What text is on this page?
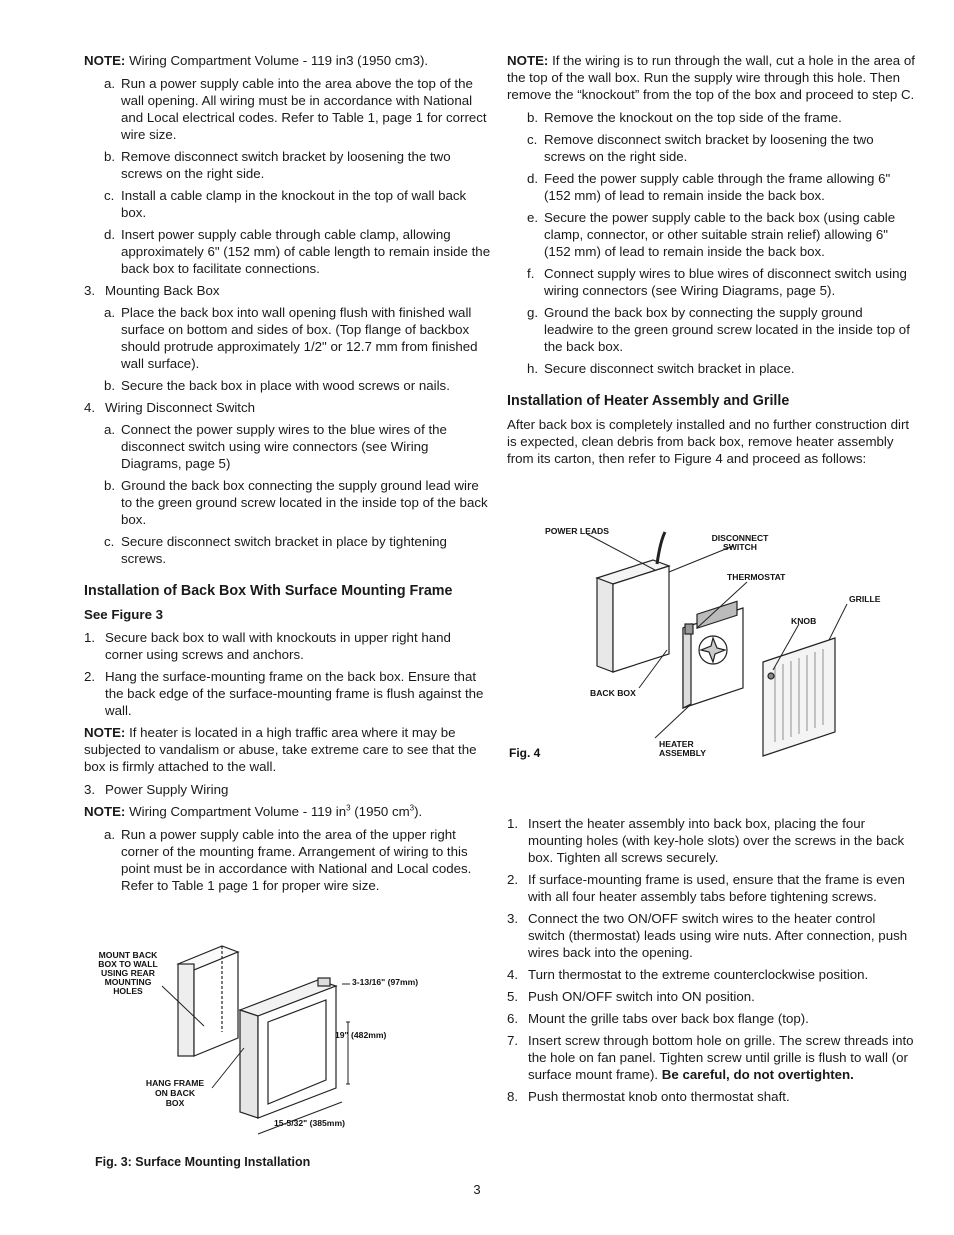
NOTE: Wiring Compartment Volume - 119 in3 (1950 cm3).

a. Run a power supply cable into the area above the top of the wall opening. All wiring must be in accordance with National and Local electrical codes. Refer to Table 1, page 1 for correct wire size.
b. Remove disconnect switch bracket by loosening the two screws on the right side.
c. Install a cable clamp in the knockout in the top of wall back box.
d. Insert power supply cable through cable clamp, allowing approximately 6" (152 mm) of cable length to remain inside the back box to facilitate connections.
3. Mounting Back Box
a. Place the back box into wall opening flush with finished wall surface on bottom and sides of box. (Top flange of backbox should protrude approximately 1/2" or 12.7 mm from finished wall surface).
b. Secure the back box in place with wood screws or nails.
4. Wiring Disconnect Switch
a. Connect the power supply wires to the blue wires of the disconnect switch using wire connectors (see Wiring Diagrams, page 5)
b. Ground the back box connecting the supply ground lead wire to the green ground screw located in the inside top of the back box.
c. Secure disconnect switch bracket in place by tightening screws.
Installation of Back Box With Surface Mounting Frame
See Figure 3
1. Secure back box to wall with knockouts in upper right hand corner using screws and anchors.
2. Hang the surface-mounting frame on the back box. Ensure that the back edge of the surface-mounting frame is flush against the wall.

NOTE: If heater is located in a high traffic area where it may be subjected to vandalism or abuse, take extreme care to see that the box is firmly attached to the wall.

3. Power Supply Wiring

NOTE: Wiring Compartment Volume - 119 $in^3$ (1950 $cm^3$).

a. Run a power supply cable into the area of the upper right corner of the mounting frame. Arrangement of wiring to this point must be in accordance with National and Local codes. Refer to Table 1 page 1 for proper wire size.
MOUNT BACK
BOX TO WALL
USING REAR
MOUNTING
HOLES
HANG FRAME
ON BACK
BOX
3-13/16" (97mm)
19" (482mm)
15-5/32" (385mm)
Fig. 3: Surface Mounting Installation

NOTE: If the wiring is to run through the wall, cut a hole in the area of the top of the wall box. Run the supply wire through this hole. Then remove the “knockout” from the top of the box and proceed to step C.

b. Remove the knockout on the top side of the frame.
c. Remove disconnect switch bracket by loosening the two screws on the right side.
d. Feed the power supply cable through the frame allowing 6" (152 mm) of lead to remain inside the back box.
e. Secure the power supply cable to the back box (using cable clamp, connector, or other suitable strain relief) allowing 6" (152 mm) of lead to remain inside the back box.
f. Connect supply wires to blue wires of disconnect switch using wiring connectors (see Wiring Diagrams, page 5).
g. Ground the back box by connecting the supply ground leadwire to the green ground screw located in the inside top of the back box.
h. Secure disconnect switch bracket in place.
Installation of Heater Assembly and Grille

After back box is completely installed and no further construction dirt is expected, clean debris from back box, remove heater assembly from its carton, then refer to Figure 4 and proceed as follows:

POWER LEADS
DISCONNECT
SWITCH
THERMOSTAT
GRILLE
KNOB
BACK BOX
HEATER
ASSEMBLY
Fig. 4
1. Insert the heater assembly into back box, placing the four mounting holes (with key-hole slots) over the screws in the back box. Tighten all screws securely.
2. If surface-mounting frame is used, ensure that the frame is even with all four heater assembly tabs before tightening screws.
3. Connect the two ON/OFF switch wires to the heater control switch (thermostat) leads using wire nuts. After connection, push wires back into the opening.
4. Turn thermostat to the extreme counterclockwise position.
5. Push ON/OFF switch into ON position.
6. Mount the grille tabs over back box flange (top).
7. Insert screw through bottom hole on grille. The screw threads into the hole on fan panel. Tighten screw until grille is flush to wall (or surface mount frame). Be careful, do not overtighten.
8. Push thermostat knob onto thermostat shaft.
3
